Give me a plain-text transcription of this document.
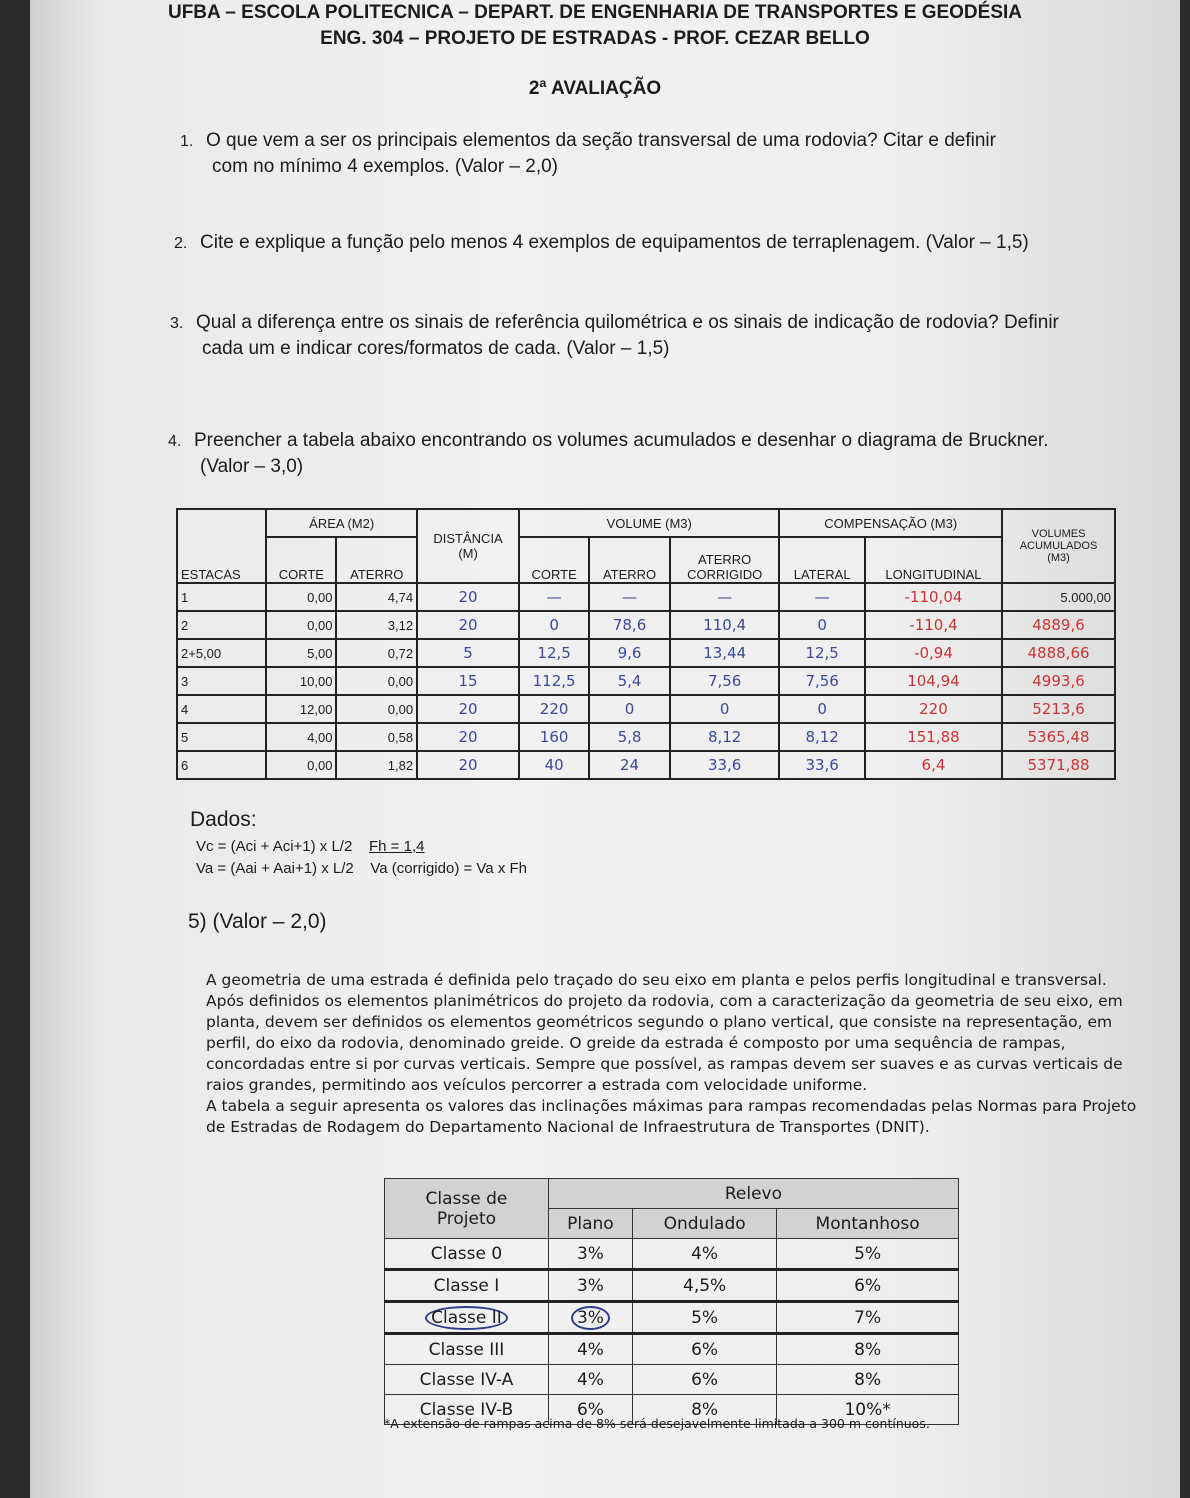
UFBA – ESCOLA POLITECNICA – DEPART. DE ENGENHARIA DE TRANSPORTES E GEODÉSIA
ENG. 304 – PROJETO DE ESTRADAS - PROF. CEZAR BELLO
2ª AVALIAÇÃO
1. O que vem a ser os principais elementos da seção transversal de uma rodovia? Citar e definir
com no mínimo 4 exemplos. (Valor – 2,0)
2. Cite e explique a função pelo menos 4 exemplos de equipamentos de terraplenagem. (Valor – 1,5)
3. Qual a diferença entre os sinais de referência quilométrica e os sinais de indicação de rodovia? Definir
cada um e indicar cores/formatos de cada. (Valor – 1,5)
4. Preencher a tabela abaixo encontrando os volumes acumulados e desenhar o diagrama de Bruckner.
(Valor – 3,0)
ESTACAS	ÁREA (M2)		DISTÂNCIA
(M)	VOLUME (M3)			COMPENSAÇÃO (M3)		VOLUMES
ACUMULADOS
(M3)
	CORTE	ATERRO		CORTE	ATERRO	ATERRO
CORRIGIDO	LATERAL	LONGITUDINAL	
1	0,00	4,74	20	—	—	—	—	-110,04	5.000,00
2	0,00	3,12	20	0	78,6	110,4	0	-110,4	4889,6
2+5,00	5,00	0,72	5	12,5	9,6	13,44	12,5	-0,94	4888,66
3	10,00	0,00	15	112,5	5,4	7,56	7,56	104,94	4993,6
4	12,00	0,00	20	220	0	0	0	220	5213,6
5	4,00	0,58	20	160	5,8	8,12	8,12	151,88	5365,48
6	0,00	1,82	20	40	24	33,6	33,6	6,4	5371,88
Dados:
Vc = (Aci + Aci+1) x L/2 Fh = 1,4
Va = (Aai + Aai+1) x L/2 Va (corrigido) = Va x Fh
5) (Valor – 2,0)

A geometria de uma estrada é definida pelo traçado do seu eixo em planta e pelos perfis longitudinal e transversal. Após definidos os elementos planimétricos do projeto da rodovia, com a caracterização da geometria de seu eixo, em planta, devem ser definidos os elementos geométricos segundo o plano vertical, que consiste na representação, em perfil, do eixo da rodovia, denominado greide. O greide da estrada é composto por uma sequência de rampas, concordadas entre si por curvas verticais. Sempre que possível, as rampas devem ser suaves e as curvas verticais de raios grandes, permitindo aos veículos percorrer a estrada com velocidade uniforme.

A tabela a seguir apresenta os valores das inclinações máximas para rampas recomendadas pelas Normas para Projeto de Estradas de Rodagem do Departamento Nacional de Infraestrutura de Transportes (DNIT).

Classe de
Projeto	Relevo		
	Plano	Ondulado	Montanhoso
Classe 0	3%	4%	5%
Classe I	3%	4,5%	6%
Classe II	3%	5%	7%
Classe III	4%	6%	8%
Classe IV-A	4%	6%	8%
Classe IV-B	6%	8%	10%*
*A extensão de rampas acima de 8% será desejavelmente limitada a 300 m contínuos.
